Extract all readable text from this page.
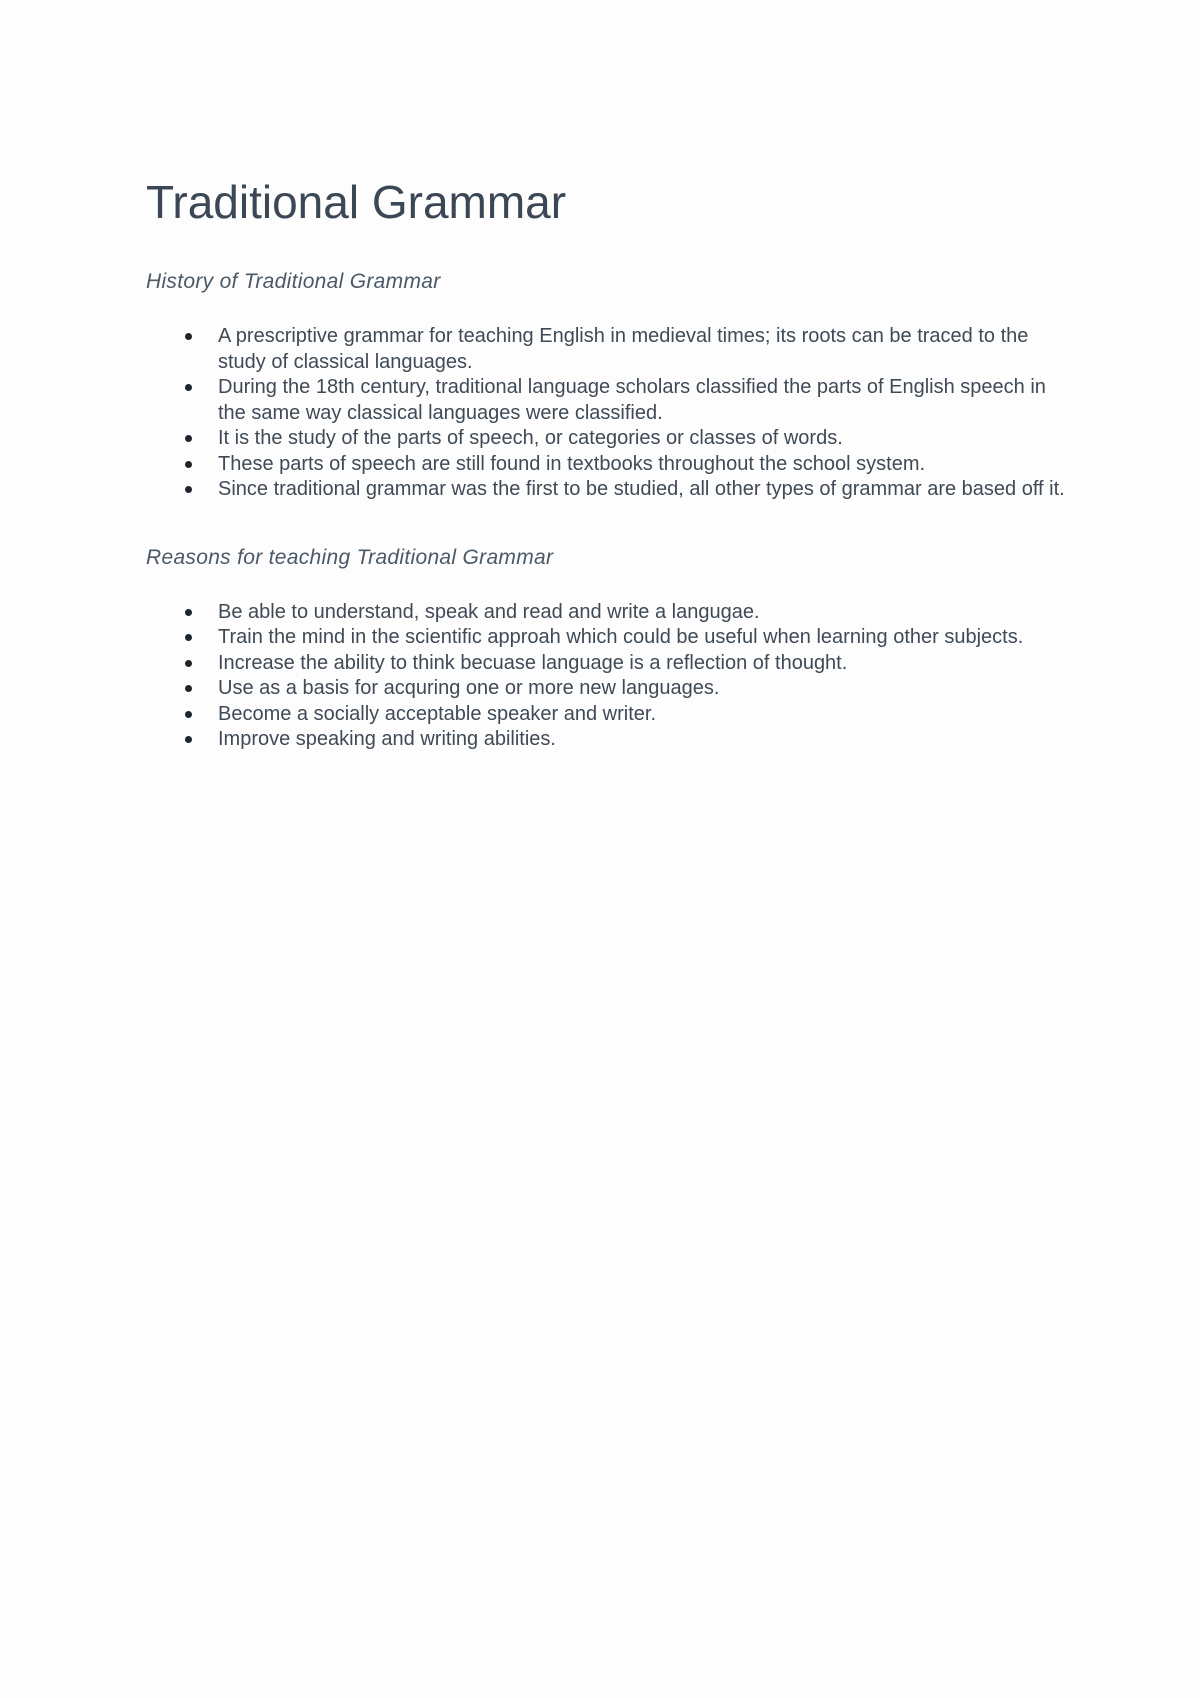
Traditional Grammar
History of Traditional Grammar
A prescriptive grammar for teaching English in medieval times; its roots can be traced to the study of classical languages.
During the 18th century, traditional language scholars classified the parts of English speech in the same way classical languages were classified.
It is the study of the parts of speech, or categories or classes of words.
These parts of speech are still found in textbooks throughout the school system.
Since traditional grammar was the first to be studied, all other types of grammar are based off it.
Reasons for teaching Traditional Grammar
Be able to understand, speak and read and write a langugae.
Train the mind in the scientific approah which could be useful when learning other subjects.
Increase the ability to think becuase language is a reflection of thought.
Use as a basis for acquring one or more new languages.
Become a socially acceptable speaker and writer.
Improve speaking and writing abilities.
